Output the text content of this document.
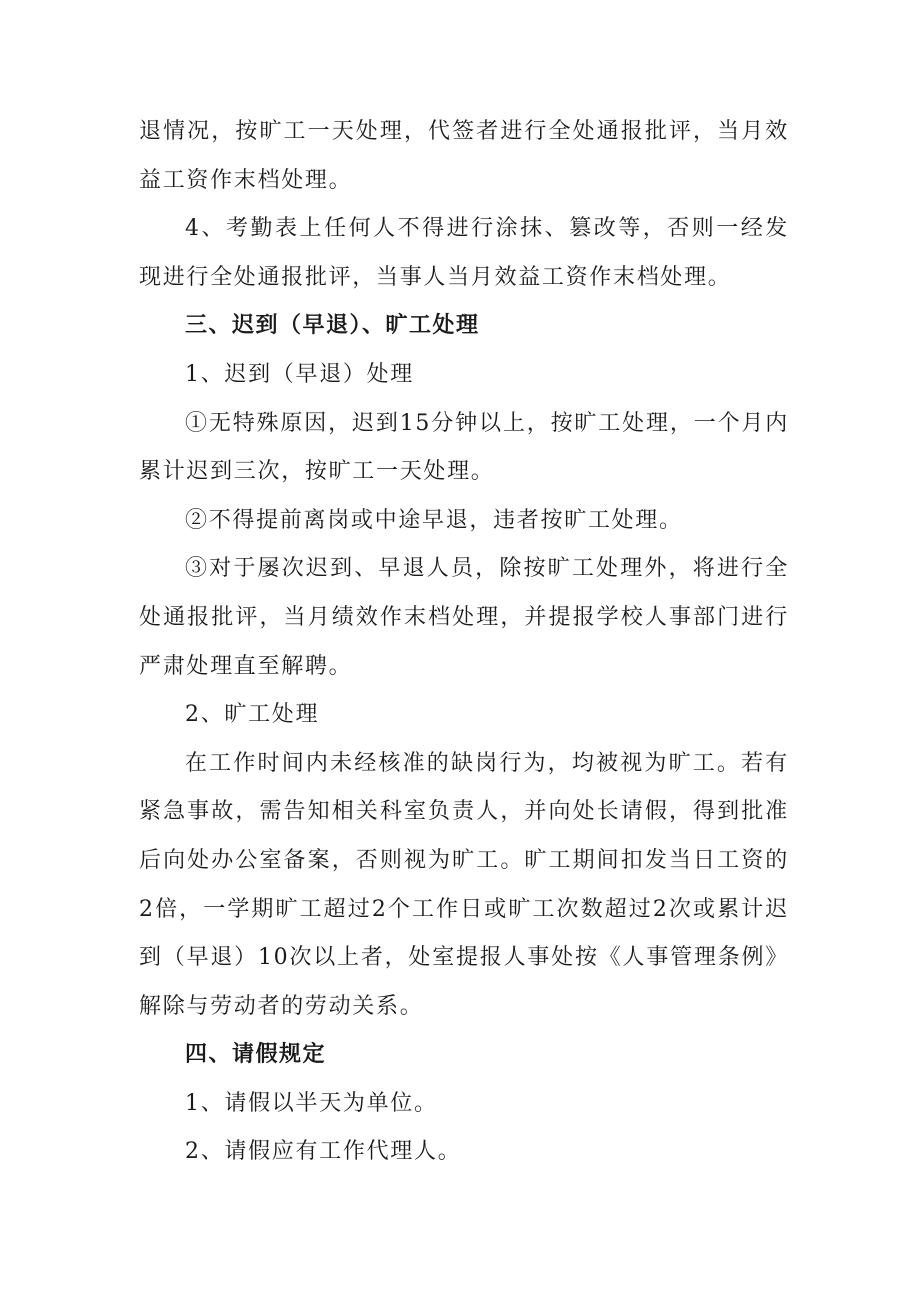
退情况，按旷工一天处理，代签者进行全处通报批评，当月效益工资作末档处理。

4、考勤表上任何人不得进行涂抹、篡改等，否则一经发现进行全处通报批评，当事人当月效益工资作末档处理。

三、迟到（早退）、旷工处理

1、迟到（早退）处理

①无特殊原因，迟到15分钟以上，按旷工处理，一个月内累计迟到三次，按旷工一天处理。

②不得提前离岗或中途早退，违者按旷工处理。

③对于屡次迟到、早退人员，除按旷工处理外，将进行全处通报批评，当月绩效作末档处理，并提报学校人事部门进行严肃处理直至解聘。

2、旷工处理

在工作时间内未经核准的缺岗行为，均被视为旷工。若有紧急事故，需告知相关科室负责人，并向处长请假，得到批准后向处办公室备案，否则视为旷工。旷工期间扣发当日工资的2倍，一学期旷工超过2个工作日或旷工次数超过2次或累计迟到（早退）10次以上者，处室提报人事处按《人事管理条例》解除与劳动者的劳动关系。

四、请假规定

1、请假以半天为单位。

2、请假应有工作代理人。
